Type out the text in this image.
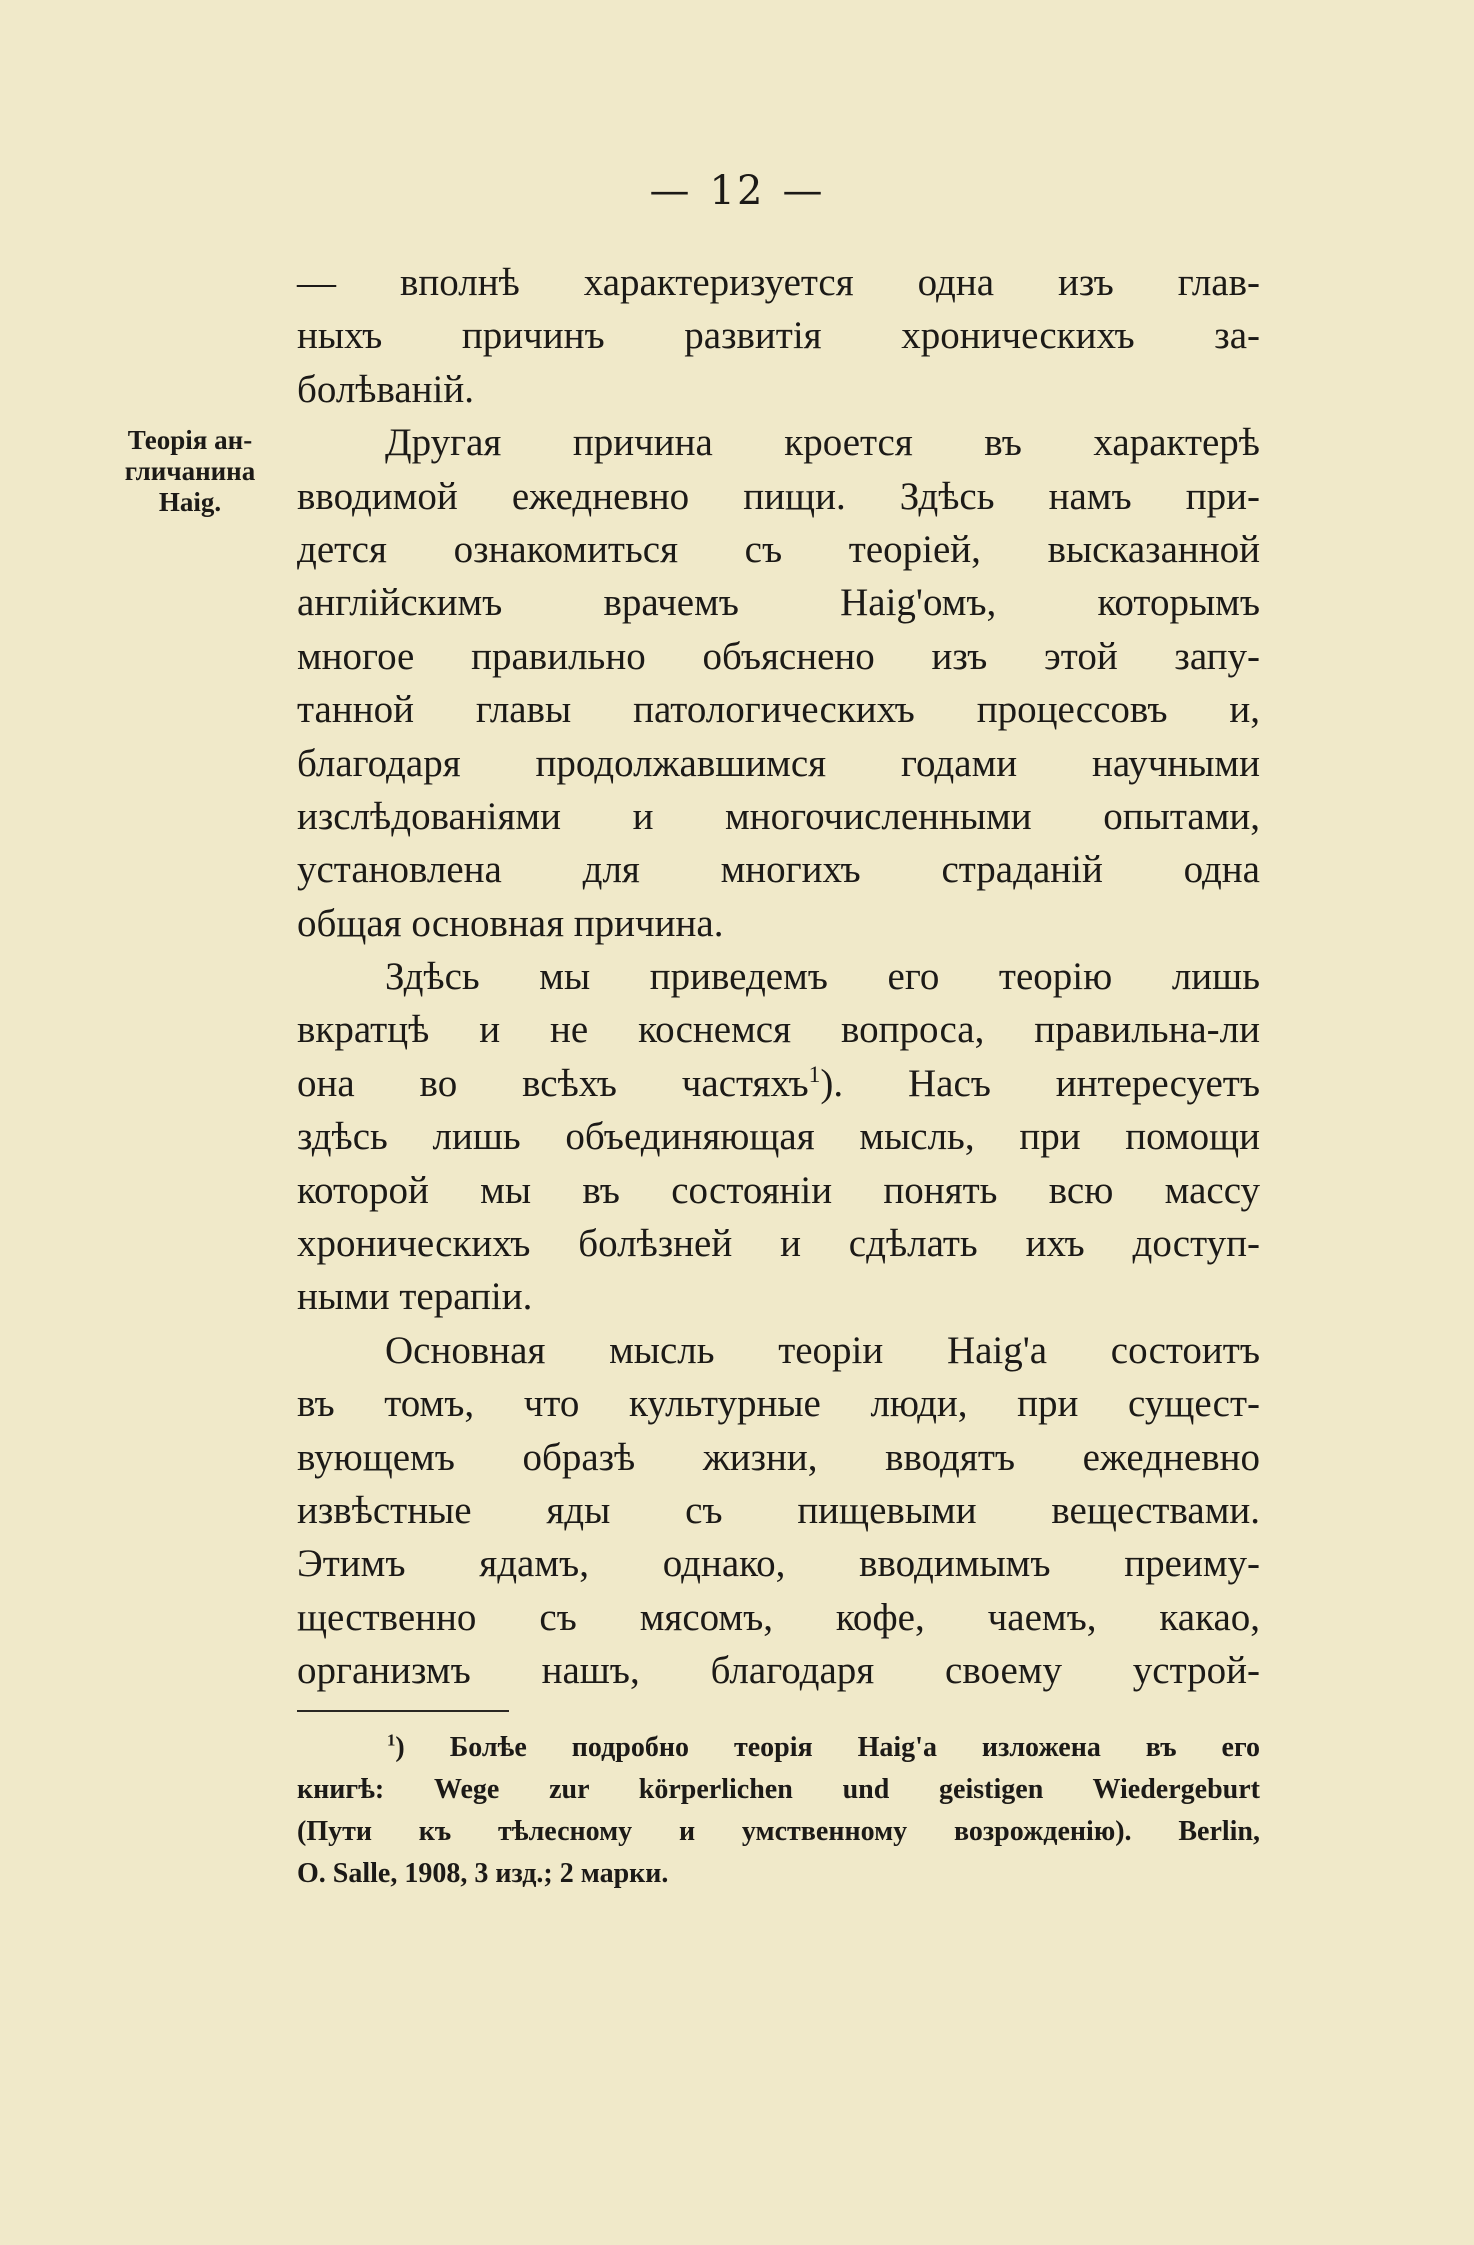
— 12 —
Теорія ан-
гличанина
Haig.
— вполнѣ характеризуется одна изъ глав-
ныхъ причинъ развитія хроническихъ за-
болѣваній.
Другая причина кроется въ характерѣ
вводимой ежедневно пищи. Здѣсь намъ при-
дется ознакомиться съ теоріей, высказанной
англійскимъ врачемъ Haig'омъ, которымъ
многое правильно объяснено изъ этой запу-
танной главы патологическихъ процессовъ и,
благодаря продолжавшимся годами научными
изслѣдованіями и многочисленными опытами,
установлена для многихъ страданій одна
общая основная причина.
Здѣсь мы приведемъ его теорію лишь
вкратцѣ и не коснемся вопроса, правильна-ли
она во всѣхъ частяхъ$^1$). Насъ интересуетъ
здѣсь лишь объединяющая мысль, при помощи
которой мы въ состояніи понять всю массу
хроническихъ болѣзней и сдѣлать ихъ доступ-
ными терапіи.
Основная мысль теоріи Haig'a состоитъ
въ томъ, что культурные люди, при сущест-
вующемъ образѣ жизни, вводятъ ежедневно
извѣстные яды съ пищевыми веществами.
Этимъ ядамъ, однако, вводимымъ преиму-
щественно съ мясомъ, кофе, чаемъ, какао,
организмъ нашъ, благодаря своему устрой-
$^1$) Болѣе подробно теорія Haig'a изложена въ его
книгѣ: Wege zur körperlichen und geistigen Wiedergeburt
(Пути къ тѣлесному и умственному возрожденію). Berlin,
O. Salle, 1908, 3 изд.; 2 марки.
